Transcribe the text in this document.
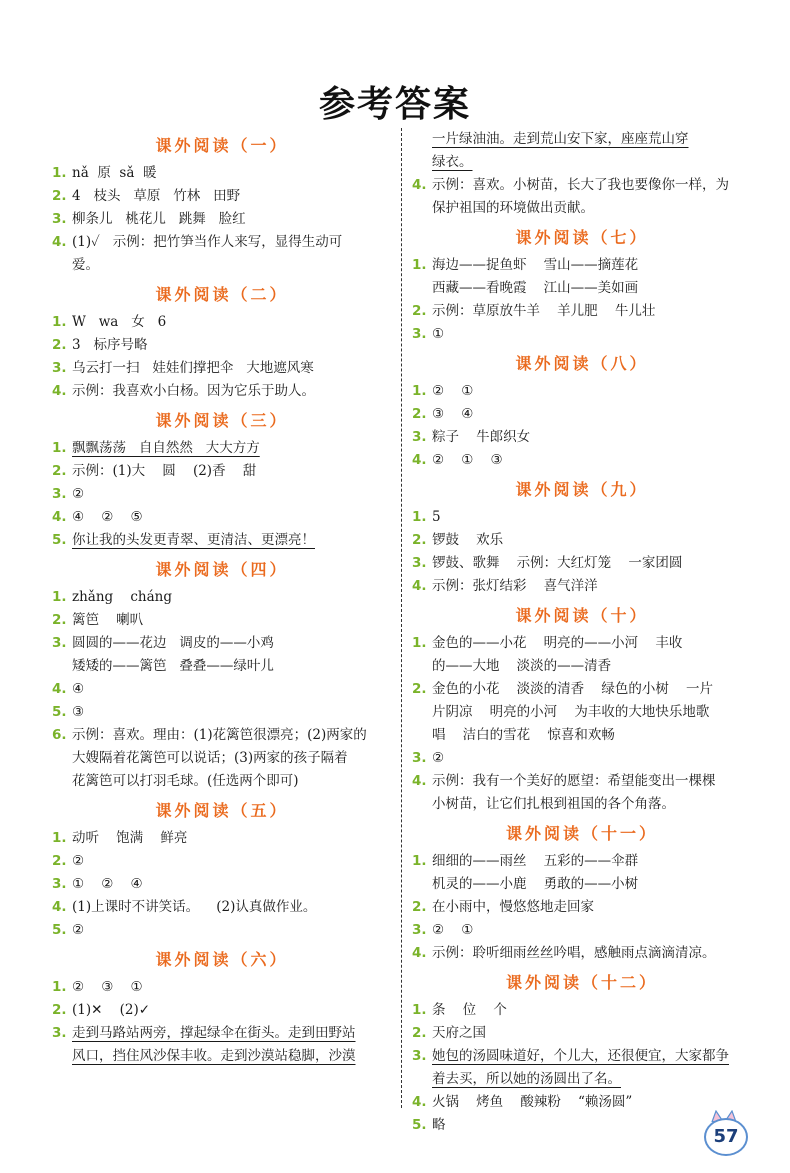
参考答案
课外阅读（一）
1. nǎ  原  sǎ  暖
2. 4   枝头   草原   竹林   田野
3. 柳条儿   桃花儿   跳舞   脸红
4. (1)✓   示例：把竹笋当作人来写，显得生动可
爱。
课外阅读（二）
1. W   wa   女   6
2. 3   标序号略
3. 乌云打一扫   娃娃们撑把伞   大地遮风寒
4. 示例：我喜欢小白杨。因为它乐于助人。
课外阅读（三）
1. 飘飘荡荡   自自然然   大大方方
2. 示例：(1)大    圆    (2)香    甜
3. ②
4. ④    ②    ⑤
5. 你让我的头发更青翠、更清洁、更漂亮！
课外阅读（四）
1. zhǎng    cháng
2. 篱笆    喇叭
3. 圆圆的——花边   调皮的——小鸡
矮矮的——篱笆   叠叠——绿叶儿
4. ④
5. ③
6. 示例：喜欢。理由：(1)花篱笆很漂亮；(2)两家的
大嫂隔着花篱笆可以说话；(3)两家的孩子隔着
花篱笆可以打羽毛球。(任选两个即可)
课外阅读（五）
1. 动听    饱满    鲜亮
2. ②
3. ①    ②    ④
4. (1)上课时不讲笑话。    (2)认真做作业。
5. ②
课外阅读（六）
1. ②    ③    ①
2. (1)✕    (2)✓
3. 走到马路站两旁，撑起绿伞在街头。走到田野站
风口，挡住风沙保丰收。走到沙漠站稳脚，沙漠
一片绿油油。走到荒山安下家，座座荒山穿
绿衣。
4. 示例：喜欢。小树苗，长大了我也要像你一样，为
保护祖国的环境做出贡献。
课外阅读（七）
1. 海边——捉鱼虾    雪山——摘莲花
西藏——看晚霞    江山——美如画
2. 示例：草原放牛羊    羊儿肥    牛儿壮
3. ①
课外阅读（八）
1. ②    ①
2. ③    ④
3. 粽子    牛郎织女
4. ②    ①    ③
课外阅读（九）
1. 5
2. 锣鼓    欢乐
3. 锣鼓、歌舞    示例：大红灯笼    一家团圆
4. 示例：张灯结彩    喜气洋洋
课外阅读（十）
1. 金色的——小花    明亮的——小河    丰收
的——大地    淡淡的——清香
2. 金色的小花    淡淡的清香    绿色的小树    一片
片阴凉    明亮的小河    为丰收的大地快乐地歌
唱    洁白的雪花    惊喜和欢畅
3. ②
4. 示例：我有一个美好的愿望：希望能变出一棵棵
小树苗，让它们扎根到祖国的各个角落。
课外阅读（十一）
1. 细细的——雨丝    五彩的——伞群
机灵的——小鹿    勇敢的——小树
2. 在小雨中，慢悠悠地走回家
3. ②    ①
4. 示例：聆听细雨丝丝吟唱，感触雨点滴滴清凉。
课外阅读（十二）
1. 条    位    个
2. 天府之国
3. 她包的汤圆味道好，个儿大，还很便宜，大家都争
着去买，所以她的汤圆出了名。
4. 火锅    烤鱼    酸辣粉    “赖汤圆”
5. 略
57
